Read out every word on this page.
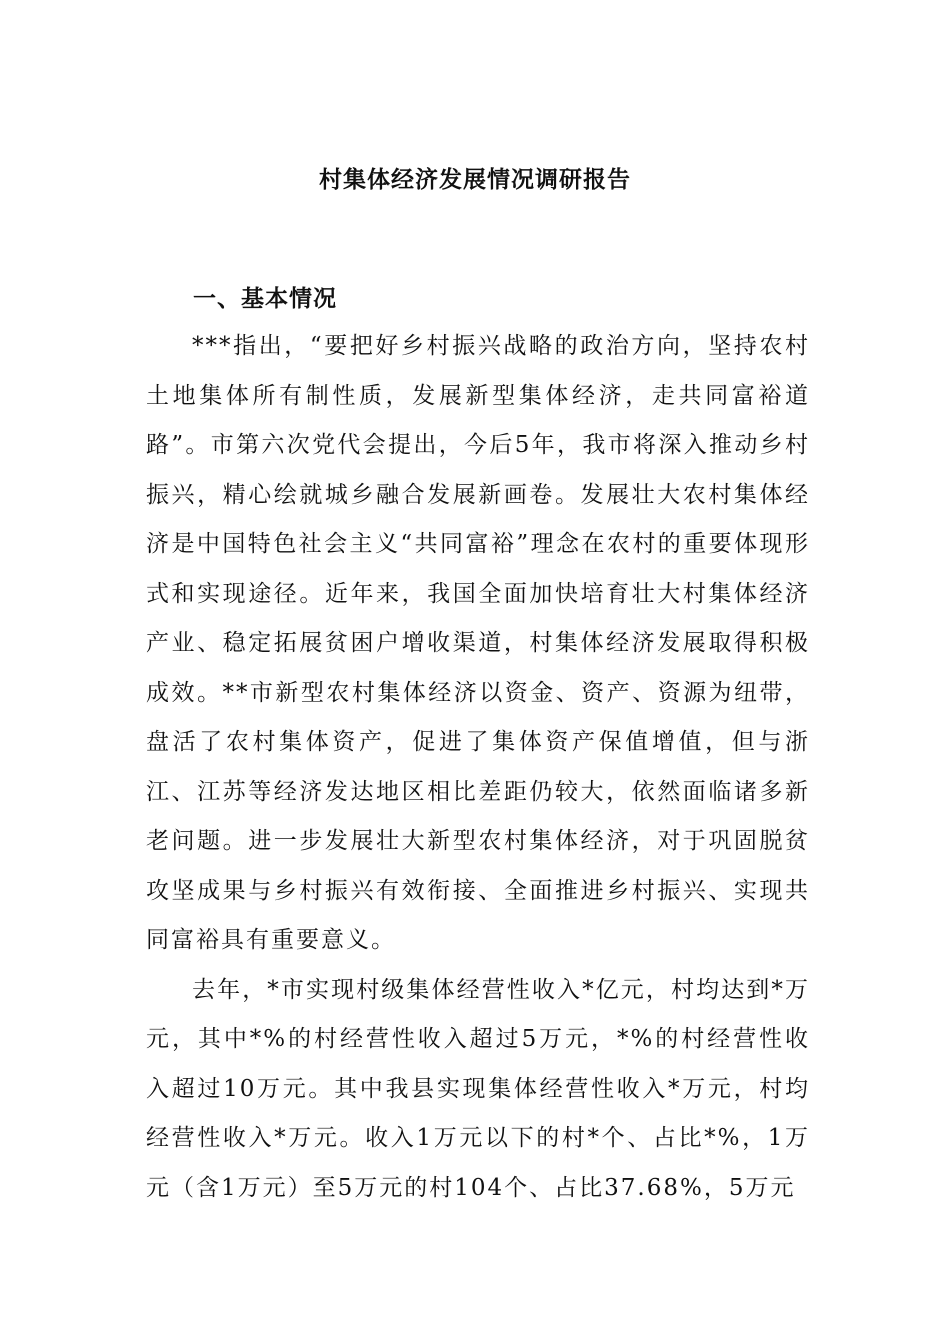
村集体经济发展情况调研报告
一、基本情况

***指出，“要把好乡村振兴战略的政治方向，坚持农村土地集体所有制性质，发展新型集体经济，走共同富裕道路”。市第六次党代会提出，今后5年，我市将深入推动乡村振兴，精心绘就城乡融合发展新画卷。发展壮大农村集体经济是中国特色社会主义“共同富裕”理念在农村的重要体现形式和实现途径。近年来，我国全面加快培育壮大村集体经济产业、稳定拓展贫困户增收渠道，村集体经济发展取得积极成效。**市新型农村集体经济以资金、资产、资源为纽带，盘活了农村集体资产，促进了集体资产保值增值，但与浙江、江苏等经济发达地区相比差距仍较大，依然面临诸多新老问题。进一步发展壮大新型农村集体经济，对于巩固脱贫攻坚成果与乡村振兴有效衔接、全面推进乡村振兴、实现共同富裕具有重要意义。

去年，*市实现村级集体经营性收入*亿元，村均达到*万元，其中*%的村经营性收入超过5万元，*%的村经营性收入超过10万元。其中我县实现集体经营性收入*万元，村均经营性收入*万元。收入1万元以下的村*个、占比*%，1万元（含1万元）至5万元的村104个、占比37.68%，5万元
